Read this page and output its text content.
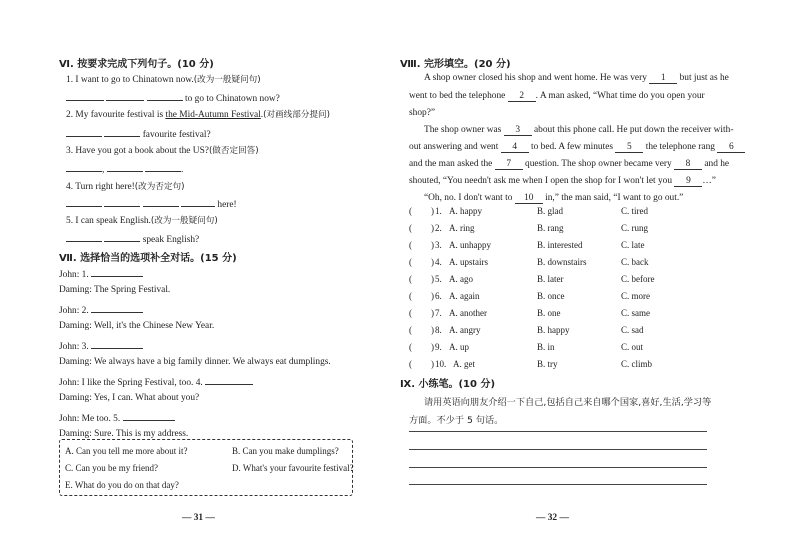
Ⅵ. 按要求完成下列句子。(10 分)
1. I want to go to Chinatown now.(改为一般疑问句)
to go to Chinatown now?
2. My favourite festival is the Mid-Autumn Festival.(对画线部分提问)
favourite festival?
3. Have you got a book about the US?(做否定回答)
,	.
4. Turn right here!(改为否定句)
here!
5. I can speak English.(改为一般疑问句)
speak English?
Ⅶ. 选择恰当的选项补全对话。(15 分)
John: 1.
Daming: The Spring Festival.
John: 2.
Daming: Well, it's the Chinese New Year.
John: 3.
Daming: We always have a big family dinner. We always eat dumplings.
John: I like the Spring Festival, too. 4.
Daming: Yes, I can. What about you?
John: Me too. 5.
Daming: Sure. This is my address.
A. Can you tell me more about it?	B. Can you make dumplings?
C. Can you be my friend?	D. What's your favourite festival?
E. What do you do on that day?
— 31 —
Ⅷ. 完形填空。(20 分)
A shop owner closed his shop and went home. He was very 1 but just as he
went to bed the telephone 2 . A man asked, “What time do you open your
shop?”
The shop owner was 3 about this phone call. He put down the receiver with-
out answering and went 4 to bed. A few minutes 5 the telephone rang 6
and the man asked the 7 question. The shop owner became very 8 and he
shouted, “You needn't ask me when I open the shop for I won't let you 9 …”
“Oh, no. I don't want to 10 in,” the man said, “I want to go out.”
( ) 1. A. happy	B. glad	C. tired
( ) 2. A. ring	B. rang	C. rung
( ) 3. A. unhappy	B. interested	C. late
( ) 4. A. upstairs	B. downstairs	C. back
( ) 5. A. ago	B. later	C. before
( ) 6. A. again	B. once	C. more
( ) 7. A. another	B. one	C. same
( ) 8. A. angry	B. happy	C. sad
( ) 9. A. up	B. in	C. out
( ) 10. A. get	B. try	C. climb
Ⅸ. 小练笔。(10 分)
请用英语向朋友介绍一下自己,包括自己来自哪个国家,喜好,生活,学习等
方面。不少于 5 句话。
— 32 —
